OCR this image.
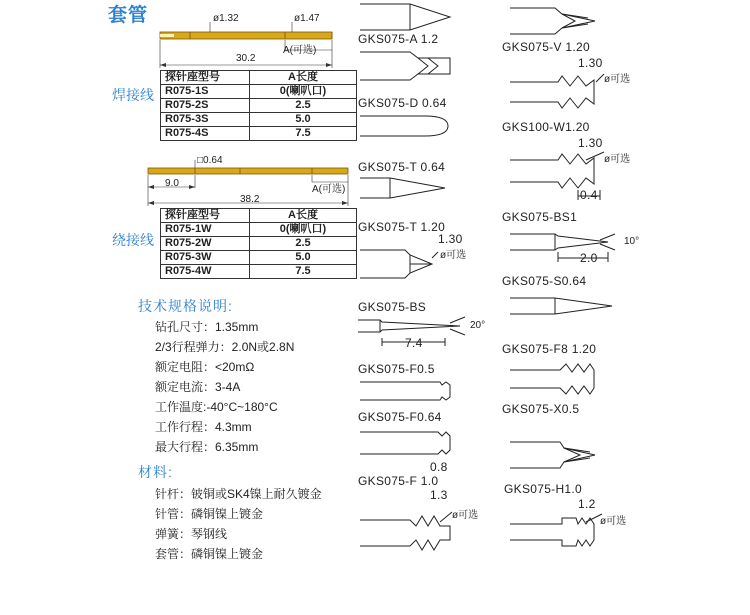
套管	ø1.32	ø1.47
A(可选)
30.2
焊接线
探针座型号	A长度
R075-1S	0(喇叭口)
R075-2S	2.5
R075-3S	5.0
R075-4S	7.5
□0.64
9.0
A(可选)
38.2
绕接线
探针座型号	A长度
R075-1W	0(喇叭口)
R075-2W	2.5
R075-3W	5.0
R075-4W	7.5
技术规格说明:
钻孔尺寸：1.35mm
2/3行程弹力：2.0N或2.8N
额定电阻：<20mΩ
额定电流：3-4A
工作温度:-40°C~180°C
工作行程：4.3mm
最大行程：6.35mm
材料:
针杆：铍铜或SK4镍上耐久镀金
针管：磷铜镍上镀金
弹簧：琴钢线
套管：磷铜镍上镀金
GKS075-A 1.2
GKS075-D 0.64
GKS075-T 0.64
GKS075-T 1.20
1.30
ø可选
GKS075-BS
20°
7.4
GKS075-F0.5
GKS075-F0.64
0.8
GKS075-F 1.0
1.3
ø可选
GKS075-V 1.20
1.30
ø可选
GKS100-W1.20
1.30
ø可选
0.4
GKS075-BS1
10°
2.0
GKS075-S0.64
GKS075-F8 1.20
GKS075-X0.5
GKS075-H1.0
1.2
ø可选
